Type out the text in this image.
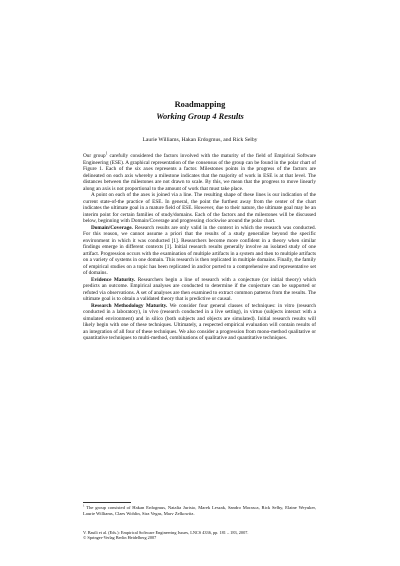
Roadmapping
Working Group 4 Results
Laurie Williams, Hakan Erdogmus, and Rick Selby

Our group$^1$ carefully considered the factors involved with the maturity of the field of Empirical Software Engineering (ESE). A graphical representation of the consensus of the group can be found in the polar chart of Figure 1. Each of the six axes represents a factor. Milestones points in the progress of the factors are delineated on each axis whereby a milestone indicates that the majority of work in ESE is at that level. The distances between the milestones are not drawn to scale. By this, we mean that the progress to move linearly along an axis is not proportional to the amount of work that must take place.

A point on each of the axes is joined via a line. The resulting shape of these lines is our indication of the current state-of-the practice of ESE. In general, the point the furthest away from the center of the chart indicates the ultimate goal in a mature field of ESE. However, due to their nature, the ultimate goal may be an interim point for certain families of study/domains. Each of the factors and the milestones will be discussed below, beginning with Domain/Coverage and progressing clockwise around the polar chart.

Domain/Coverage. Research results are only valid in the context in which the research was conducted. For this reason, we cannot assume a priori that the results of a study generalize beyond the specific environment in which it was conducted [1]. Researchers become more confident in a theory when similar findings emerge in different contexts [1]. Initial research results generally involve an isolated study of one artifact. Progression occurs with the examination of multiple artifacts in a system and then to multiple artifacts on a variety of systems in one domain. This research is then replicated in multiple domains. Finally, the family of empirical studies on a topic has been replicated in and/or ported to a comprehensive and representative set of domains.

Evidence Maturity. Researchers begin a line of research with a conjecture (or initial theory) which predicts an outcome. Empirical analyses are conducted to determine if the conjecture can be supported or refuted via observations. A set of analyses are then examined to extract common patterns from the results. The ultimate goal is to obtain a validated theory that is predictive or causal.

Research Methodology Maturity. We consider four general classes of techniques: in vitro (research conducted in a laboratory), in vivo (research conducted in a live setting), in virtuo (subjects interact with a simulated environment) and in silico (both subjects and objects are simulated). Initial research results will likely begin with one of these techniques. Ultimately, a respected empirical evaluation will contain results of an integration of all four of these techniques. We also consider a progression from mono-method qualitative or quantitative techniques to multi-method, combinations of qualitative and quantitative techniques.

$^1$ The group consisted of Hakan Erdogmus, Natalia Juristo, Marek Leszak, Sandro Morasca, Rick Selby, Elaine Weyuker, Laurie Williams, Claes Wohlin, Sira Vegas, Marv Zelkowitz.
V. Basili et al. (Eds.): Empirical Software Engineering Issues, LNCS 4336, pp. 181 – 183, 2007.
© Springer-Verlag Berlin Heidelberg 2007
